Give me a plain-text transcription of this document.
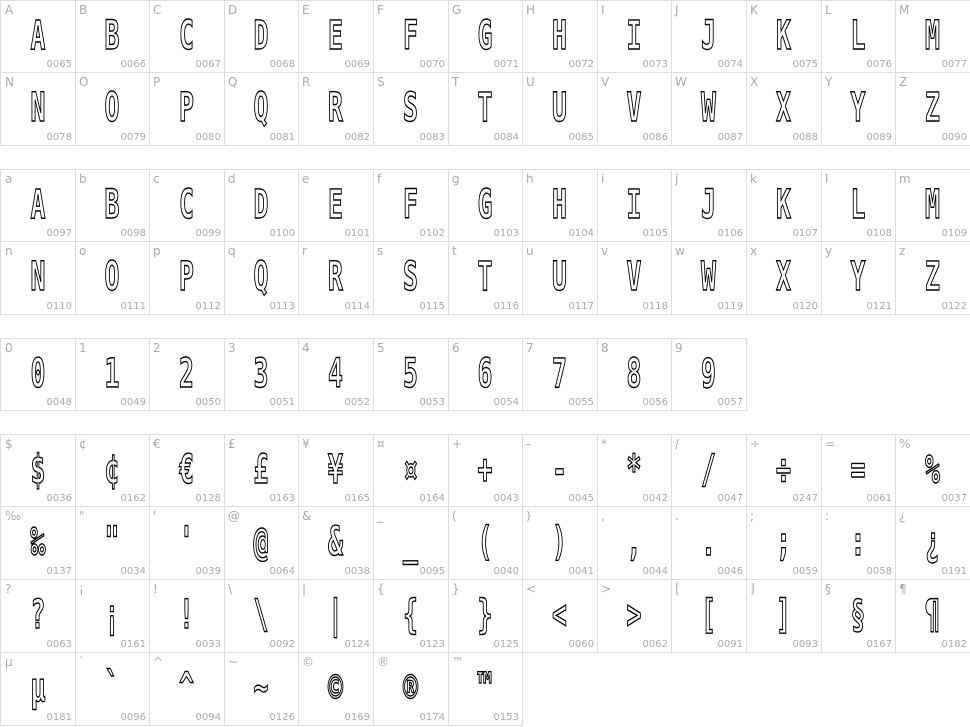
A
A
0065
B
B
0066
C
C
0067
D
D
0068
E
E
0069
F
F
0070
G
G
0071
H
H
0072
I
I
0073
J
J
0074
K
K
0075
L
L
0076
M
M
0077
N
N
0078
O
O
0079
P
P
0080
Q
Q
0081
R
R
0082
S
S
0083
T
T
0084
U
U
0085
V
V
0086
W
W
0087
X
X
0088
Y
Y
0089
Z
Z
0090
a
A
0097
b
B
0098
c
C
0099
d
D
0100
e
E
0101
f
F
0102
g
G
0103
h
H
0104
i
I
0105
j
J
0106
k
K
0107
l
L
0108
m
M
0109
n
N
0110
o
O
0111
p
P
0112
q
Q
0113
r
R
0114
s
S
0115
t
T
0116
u
U
0117
v
V
0118
w
W
0119
x
X
0120
y
Y
0121
z
Z
0122
0
0
0048
1
1
0049
2
2
0050
3
3
0051
4
4
0052
5
5
0053
6
6
0054
7
7
0055
8
8
0056
9
9
0057
$
$
0036
¢
¢
0162
€
€
0128
£
£
0163
¥
¥
0165
¤
¤
0164
+
+
0043
-
-
0045
*
*
0042
/
/
0047
÷
÷
0247
=
=
0061
%
%
0037
‰
‰
0137
"
"
0034
'
'
0039
@
@
0064
&
&
0038
_
_
0095
(
(
0040
)
)
0041
,
,
0044
.
.
0046
;
;
0059
:
:
0058
¿
¿
0191
?
?
0063
¡
¡
0161
!
!
0033
\
\
0092
|
|
0124
{
{
0123
}
}
0125
<
<
0060
>
>
0062
[
[
0091
]
]
0093
§
§
0167
¶
¶
0182
µ
µ
0181
`
`
0096
^
^
0094
~
~
0126
©
©
0169
®
®
0174
™
™
0153
